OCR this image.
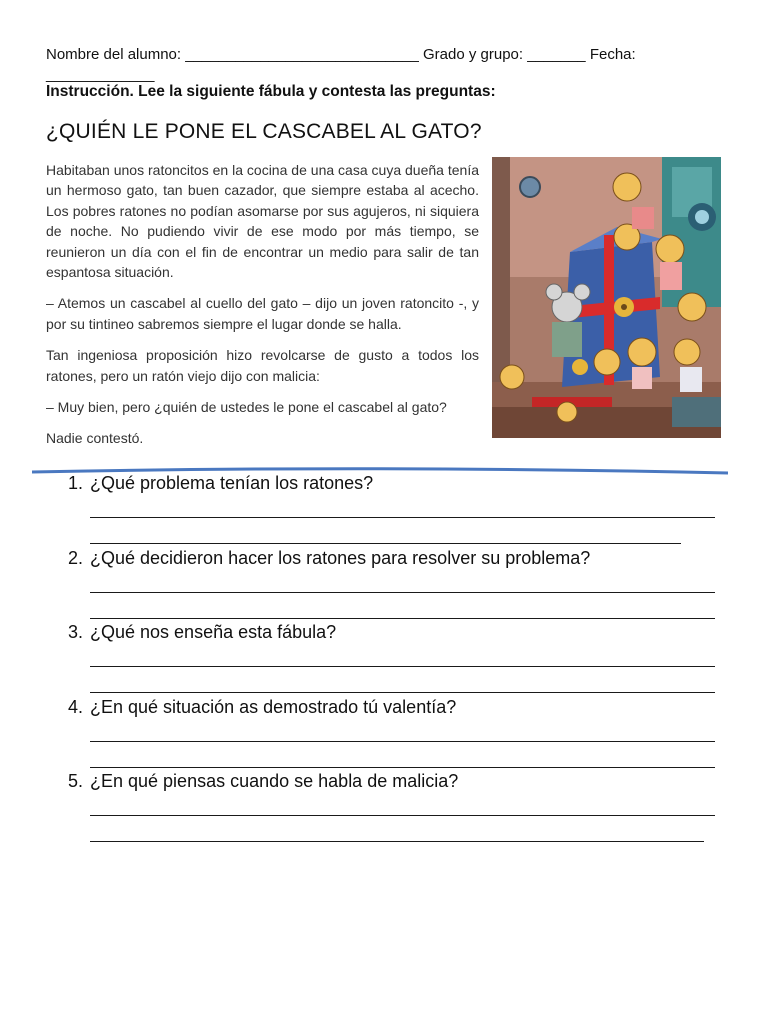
Nombre del alumno: ____________________________ Grado y grupo: _______ Fecha:
_____________
Instrucción. Lee la siguiente fábula y contesta las preguntas:
¿QUIÉN LE PONE EL CASCABEL AL GATO?

Habitaban unos ratoncitos en la cocina de una casa cuya dueña tenía un hermoso gato, tan buen cazador, que siempre estaba al acecho. Los pobres ratones no podían asomarse por sus agujeros, ni siquiera de noche. No pudiendo vivir de ese modo por más tiempo, se reunieron un día con el fin de encontrar un medio para salir de tan espantosa situación.

– Atemos un cascabel al cuello del gato – dijo un joven ratoncito -, y por su tintineo sabremos siempre el lugar donde se halla.

Tan ingeniosa proposición hizo revolcarse de gusto a todos los ratones, pero un ratón viejo dijo con malicia:

– Muy bien, pero ¿quién de ustedes le pone el cascabel al gato?

Nadie contestó.

1. ¿Qué problema tenían los ratones?
2. ¿Qué decidieron hacer los ratones para resolver su problema?
3. ¿Qué nos enseña esta fábula?
4. ¿En qué situación as demostrado tú valentía?
5. ¿En qué piensas cuando se habla de malicia?
